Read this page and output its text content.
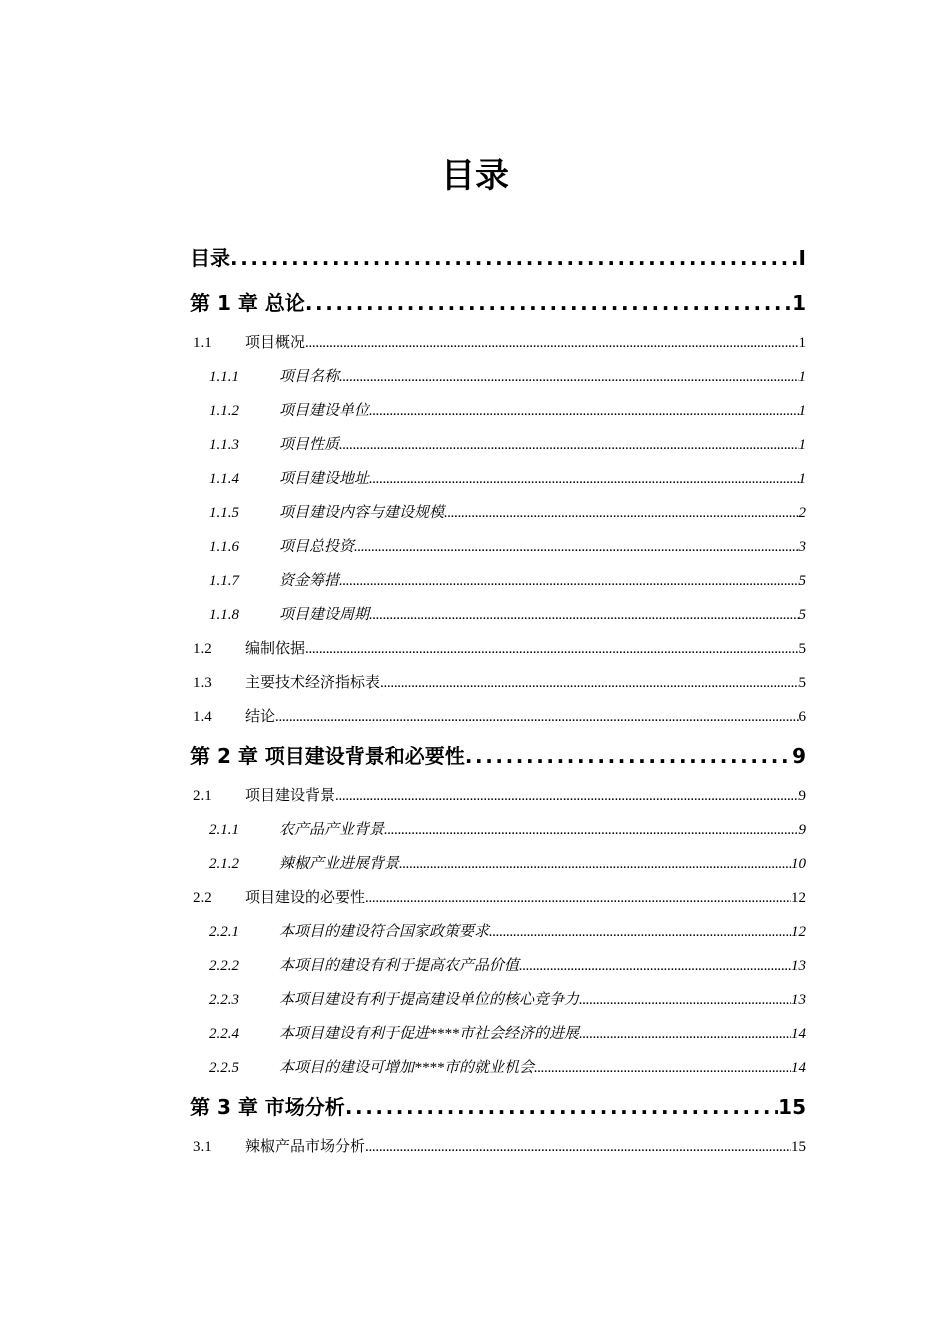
目录
目录 .....	I
第 1 章 总论 .....	1
1.1	项目概况 .....	1
1.1.1	项目名称 .....	1
1.1.2	项目建设单位 .....	1
1.1.3	项目性质 .....	1
1.1.4	项目建设地址 .....	1
1.1.5	项目建设内容与建设规模 .....	2
1.1.6	项目总投资 .....	3
1.1.7	资金筹措 .....	5
1.1.8	项目建设周期 .....	5
1.2	编制依据 .....	5
1.3	主要技术经济指标表 .....	5
1.4	结论 .....	6
第 2 章 项目建设背景和必要性 .....	9
2.1	项目建设背景 .....	9
2.1.1	农产品产业背景 .....	9
2.1.2	辣椒产业进展背景 .....	10
2.2	项目建设的必要性 .....	12
2.2.1	本项目的建设符合国家政策要求 .....	12
2.2.2	本项目的建设有利于提高农产品价值 .....	13
2.2.3	本项目建设有利于提高建设单位的核心竞争力 .....	13
2.2.4	本项目建设有利于促进****市社会经济的进展 .....	14
2.2.5	本项目的建设可增加****市的就业机会 .....	14
第 3 章 市场分析 .....	15
3.1	辣椒产品市场分析 .....	15
